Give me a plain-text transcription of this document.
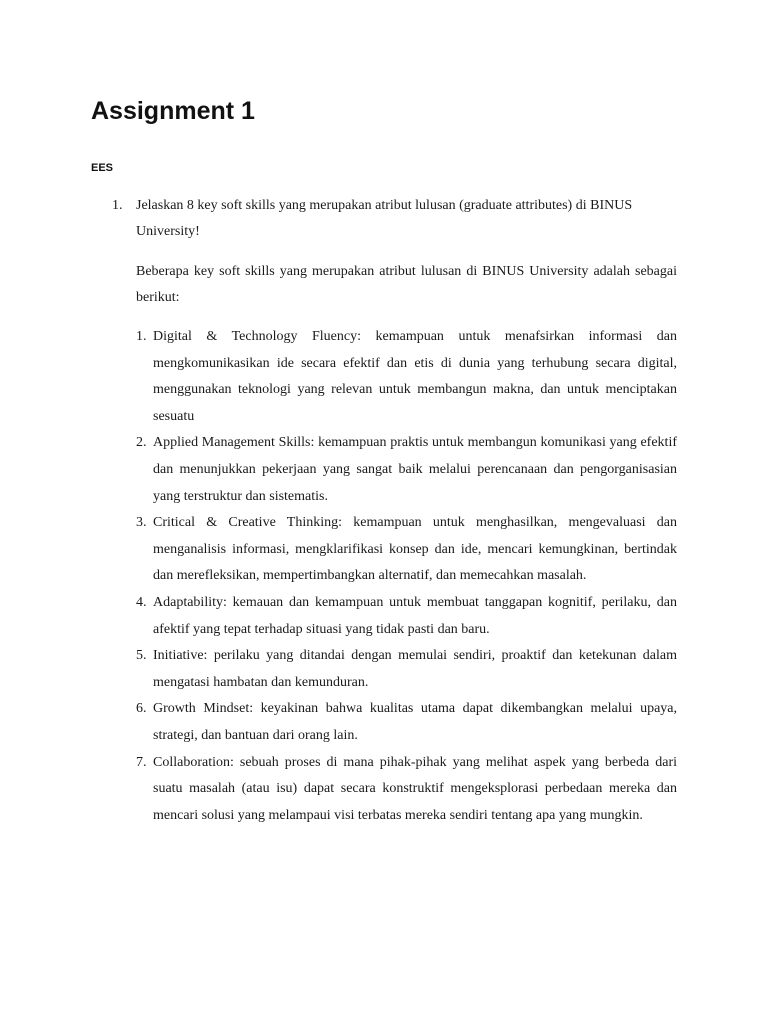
Assignment 1
EES
1. Jelaskan 8 key soft skills yang merupakan atribut lulusan (graduate attributes) di BINUS University!

Beberapa key soft skills yang merupakan atribut lulusan di BINUS University adalah sebagai berikut:

1. Digital & Technology Fluency: kemampuan untuk menafsirkan informasi dan mengkomunikasikan ide secara efektif dan etis di dunia yang terhubung secara digital, menggunakan teknologi yang relevan untuk membangun makna, dan untuk menciptakan sesuatu
2. Applied Management Skills: kemampuan praktis untuk membangun komunikasi yang efektif dan menunjukkan pekerjaan yang sangat baik melalui perencanaan dan pengorganisasian yang terstruktur dan sistematis.
3. Critical & Creative Thinking: kemampuan untuk menghasilkan, mengevaluasi dan menganalisis informasi, mengklarifikasi konsep dan ide, mencari kemungkinan, bertindak dan merefleksikan, mempertimbangkan alternatif, dan memecahkan masalah.
4. Adaptability: kemauan dan kemampuan untuk membuat tanggapan kognitif, perilaku, dan afektif yang tepat terhadap situasi yang tidak pasti dan baru.
5. Initiative: perilaku yang ditandai dengan memulai sendiri, proaktif dan ketekunan dalam mengatasi hambatan dan kemunduran.
6. Growth Mindset: keyakinan bahwa kualitas utama dapat dikembangkan melalui upaya, strategi, dan bantuan dari orang lain.
7. Collaboration: sebuah proses di mana pihak-pihak yang melihat aspek yang berbeda dari suatu masalah (atau isu) dapat secara konstruktif mengeksplorasi perbedaan mereka dan mencari solusi yang melampaui visi terbatas mereka sendiri tentang apa yang mungkin.
